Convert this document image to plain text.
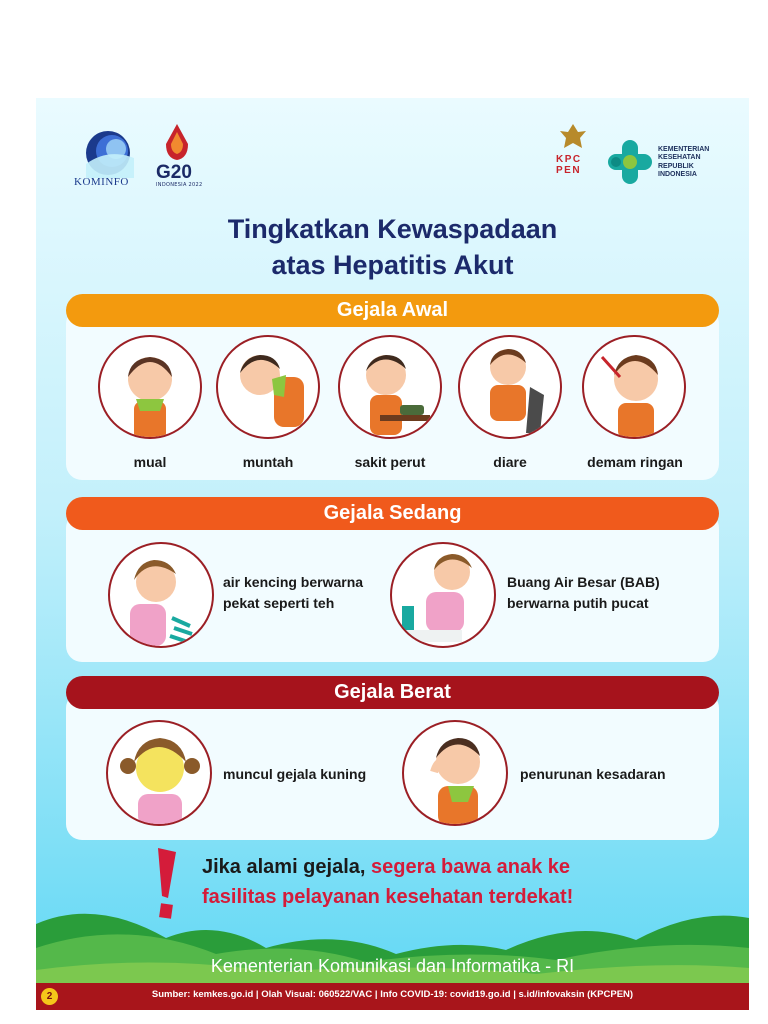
KOMINFO G20
INDONESIA 2022
KPC PEN
KEMENTERIAN KESEHATAN REPUBLIK INDONESIA
Tingkatkan Kewaspadaan
atas Hepatitis Akut
Gejala Awal
mual	muntah	sakit perut	diare	demam ringan
Gejala Sedang
air kencing berwarna
pekat seperti teh
Buang Air Besar (BAB)
berwarna putih pucat
Gejala Berat
muncul gejala kuning	penurunan kesadaran
Jika alami gejala, segera bawa anak ke
fasilitas pelayanan kesehatan terdekat!
Kementerian Komunikasi dan Informatika - RI
2	Sumber: kemkes.go.id | Olah Visual: 060522/VAC | Info COVID-19: covid19.go.id | s.id/infovaksin (KPCPEN)
